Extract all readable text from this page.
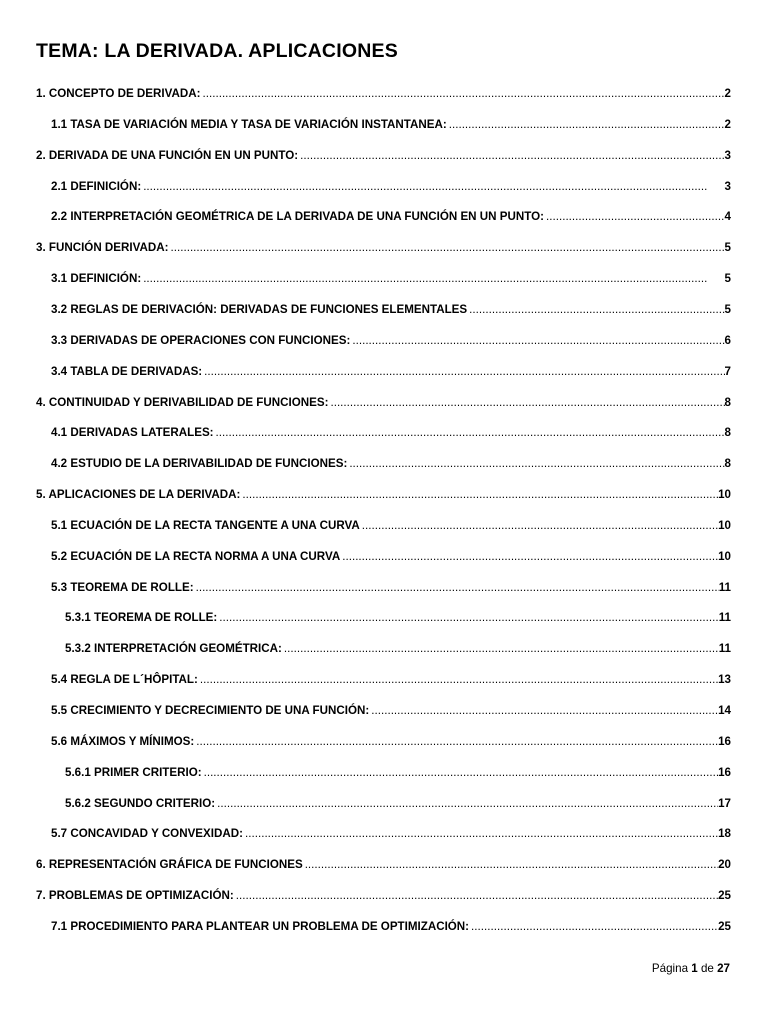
TEMA: LA DERIVADA. APLICACIONES
1. CONCEPTO DE DERIVADA: . . .	2
1.1 TASA DE VARIACIÓN MEDIA Y TASA DE VARIACIÓN INSTANTANEA: . . .	2
2. DERIVADA DE UNA FUNCIÓN EN UN PUNTO: . . .	3
2.1 DEFINICIÓN: . . .	3
2.2 INTERPRETACIÓN GEOMÉTRICA DE LA DERIVADA DE UNA FUNCIÓN EN UN PUNTO: . . .	4
3. FUNCIÓN DERIVADA: . . .	5
3.1 DEFINICIÓN: . . .	5
3.2 REGLAS DE DERIVACIÓN: DERIVADAS DE FUNCIONES ELEMENTALES . . .	5
3.3 DERIVADAS DE OPERACIONES CON FUNCIONES: . . .	6
3.4 TABLA DE DERIVADAS: . . .	7
4. CONTINUIDAD Y DERIVABILIDAD DE FUNCIONES: . . .	8
4.1 DERIVADAS LATERALES: . . .	8
4.2 ESTUDIO DE LA DERIVABILIDAD DE FUNCIONES: . . .	8
5. APLICACIONES DE LA DERIVADA: . . .	10
5.1 ECUACIÓN DE LA RECTA TANGENTE A UNA CURVA . . .	10
5.2 ECUACIÓN DE LA RECTA NORMA A UNA CURVA . . .	10
5.3 TEOREMA DE ROLLE: . . .	11
5.3.1 TEOREMA DE ROLLE: . . .	11
5.3.2 INTERPRETACIÓN GEOMÉTRICA: . . .	11
5.4 REGLA DE L´HÔPITAL: . . .	13
5.5 CRECIMIENTO Y DECRECIMIENTO DE UNA FUNCIÓN: . . .	14
5.6 MÁXIMOS Y MÍNIMOS: . . .	16
5.6.1 PRIMER CRITERIO: . . .	16
5.6.2 SEGUNDO CRITERIO: . . .	17
5.7 CONCAVIDAD Y CONVEXIDAD: . . .	18
6. REPRESENTACIÓN GRÁFICA DE FUNCIONES . . .	20
7. PROBLEMAS DE OPTIMIZACIÓN: . . .	25
7.1 PROCEDIMIENTO PARA PLANTEAR UN PROBLEMA DE OPTIMIZACIÓN: . . .	25
Página 1 de 27
